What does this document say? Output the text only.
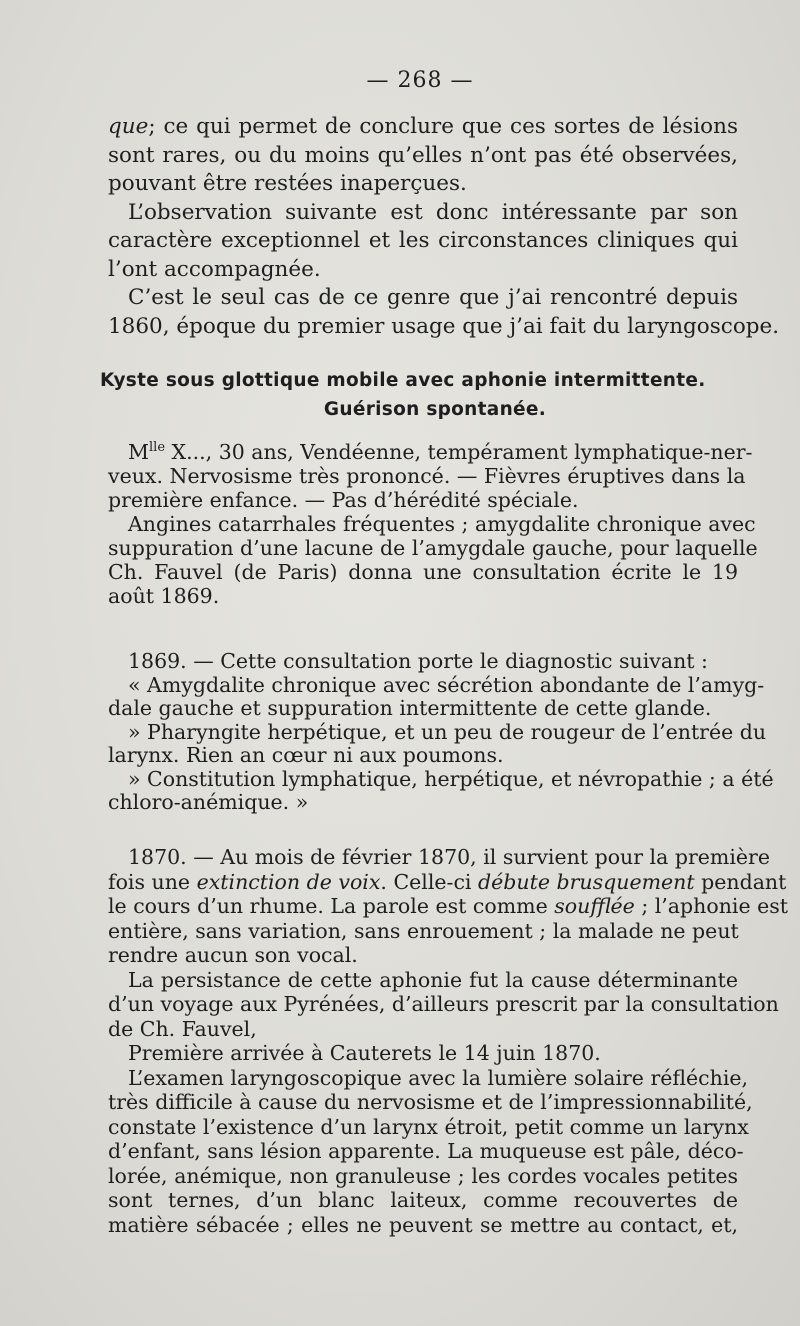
— 268 —
que; ce qui permet de conclure que ces sortes de lésions
sont rares, ou du moins qu’elles n’ont pas été observées,
pouvant être restées inaperçues.
L’observation suivante est donc intéressante par son
caractère exceptionnel et les circonstances cliniques qui
l’ont accompagnée.
C’est le seul cas de ce genre que j’ai rencontré depuis
1860, époque du premier usage que j’ai fait du laryngoscope.
Kyste sous glottique mobile avec aphonie intermittente.
Guérison spontanée.
$M^{lle}$ X..., 30 ans, Vendéenne, tempérament lymphatique-ner-
veux. Nervosisme très prononcé. — Fièvres éruptives dans la
première enfance. — Pas d’hérédité spéciale.
Angines catarrhales fréquentes ; amygdalite chronique avec
suppuration d’une lacune de l’amygdale gauche, pour laquelle
Ch. Fauvel (de Paris) donna une consultation écrite le 19
août 1869.
1869. — Cette consultation porte le diagnostic suivant :
« Amygdalite chronique avec sécrétion abondante de l’amyg-
dale gauche et suppuration intermittente de cette glande.
» Pharyngite herpétique, et un peu de rougeur de l’entrée du
larynx. Rien an cœur ni aux poumons.
» Constitution lymphatique, herpétique, et névropathie ; a été
chloro-anémique. »
1870. — Au mois de février 1870, il survient pour la première
fois une extinction de voix. Celle-ci débute brusquement pendant
le cours d’un rhume. La parole est comme soufflée ; l’aphonie est
entière, sans variation, sans enrouement ; la malade ne peut
rendre aucun son vocal.
La persistance de cette aphonie fut la cause déterminante
d’un voyage aux Pyrénées, d’ailleurs prescrit par la consultation
de Ch. Fauvel,
Première arrivée à Cauterets le 14 juin 1870.
L’examen laryngoscopique avec la lumière solaire réfléchie,
très difficile à cause du nervosisme et de l’impressionnabilité,
constate l’existence d’un larynx étroit, petit comme un larynx
d’enfant, sans lésion apparente. La muqueuse est pâle, déco-
lorée, anémique, non granuleuse ; les cordes vocales petites
sont ternes, d’un blanc laiteux, comme recouvertes de
matière sébacée ; elles ne peuvent se mettre au contact, et,
